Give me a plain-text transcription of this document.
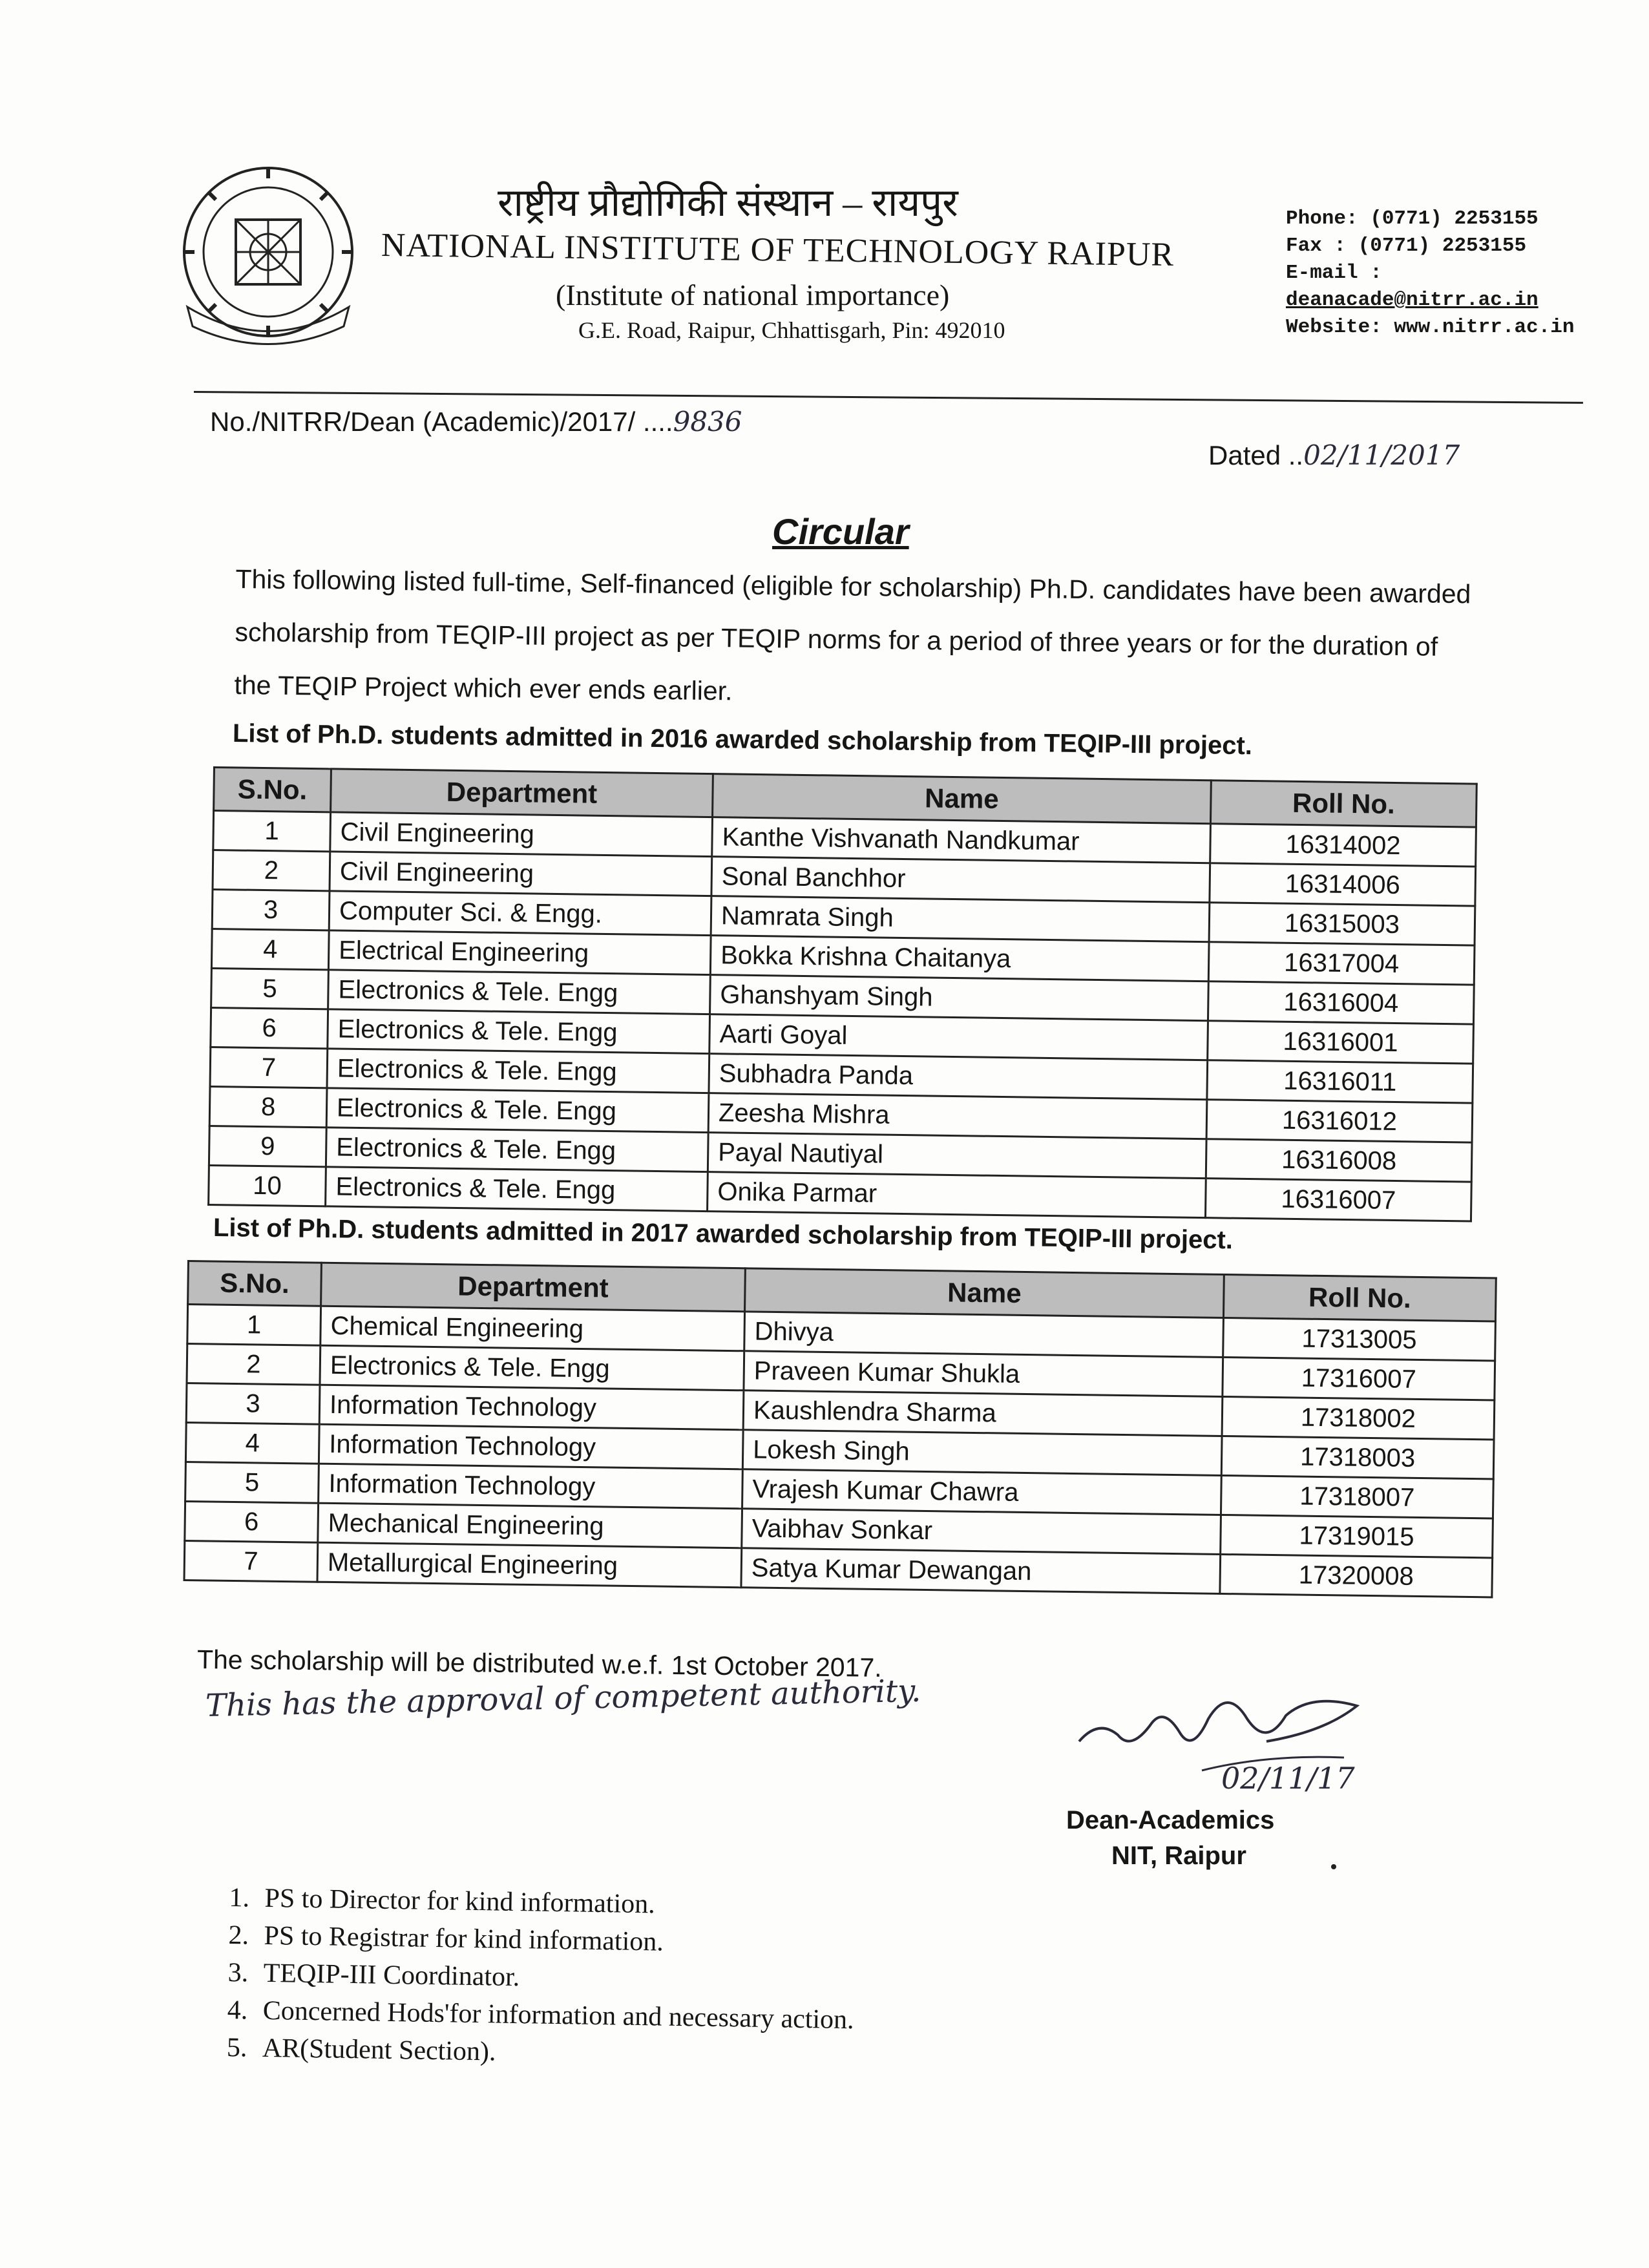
राष्ट्रीय प्रौद्योगिकी संस्थान – रायपुर
NATIONAL INSTITUTE OF TECHNOLOGY RAIPUR
(Institute of national importance)
G.E. Road, Raipur, Chhattisgarh, Pin: 492010
Phone: (0771) 2253155
Fax : (0771) 2253155
E-mail :
deanacade@nitrr.ac.in
Website: www.nitrr.ac.in
No./NITRR/Dean (Academic)/2017/ ....9836
Dated ..02/11/2017
Circular
This following listed full-time, Self-financed (eligible for scholarship) Ph.D. candidates have been awarded scholarship from TEQIP-III project as per TEQIP norms for a period of three years or for the duration of the TEQIP Project which ever ends earlier.
List of Ph.D. students admitted in 2016 awarded scholarship from TEQIP-III project.
S.No.	Department	Name	Roll No.
1	Civil Engineering	Kanthe Vishvanath Nandkumar	16314002
2	Civil Engineering	Sonal Banchhor	16314006
3	Computer Sci. & Engg.	Namrata Singh	16315003
4	Electrical Engineering	Bokka Krishna Chaitanya	16317004
5	Electronics & Tele. Engg	Ghanshyam Singh	16316004
6	Electronics & Tele. Engg	Aarti Goyal	16316001
7	Electronics & Tele. Engg	Subhadra Panda	16316011
8	Electronics & Tele. Engg	Zeesha Mishra	16316012
9	Electronics & Tele. Engg	Payal Nautiyal	16316008
10	Electronics & Tele. Engg	Onika Parmar	16316007
List of Ph.D. students admitted in 2017 awarded scholarship from TEQIP-III project.
S.No.	Department	Name	Roll No.
1	Chemical Engineering	Dhivya	17313005
2	Electronics & Tele. Engg	Praveen Kumar Shukla	17316007
3	Information Technology	Kaushlendra Sharma	17318002
4	Information Technology	Lokesh Singh	17318003
5	Information Technology	Vrajesh Kumar Chawra	17318007
6	Mechanical Engineering	Vaibhav Sonkar	17319015
7	Metallurgical Engineering	Satya Kumar Dewangan	17320008
The scholarship will be distributed w.e.f. 1st October 2017.
This has the approval of competent authority.
02/11/17
Dean-Academics
NIT, Raipur
1. PS to Director for kind information.
2. PS to Registrar for kind information.
3. TEQIP-III Coordinator.
4. Concerned Hods'for information and necessary action.
5. AR(Student Section).
